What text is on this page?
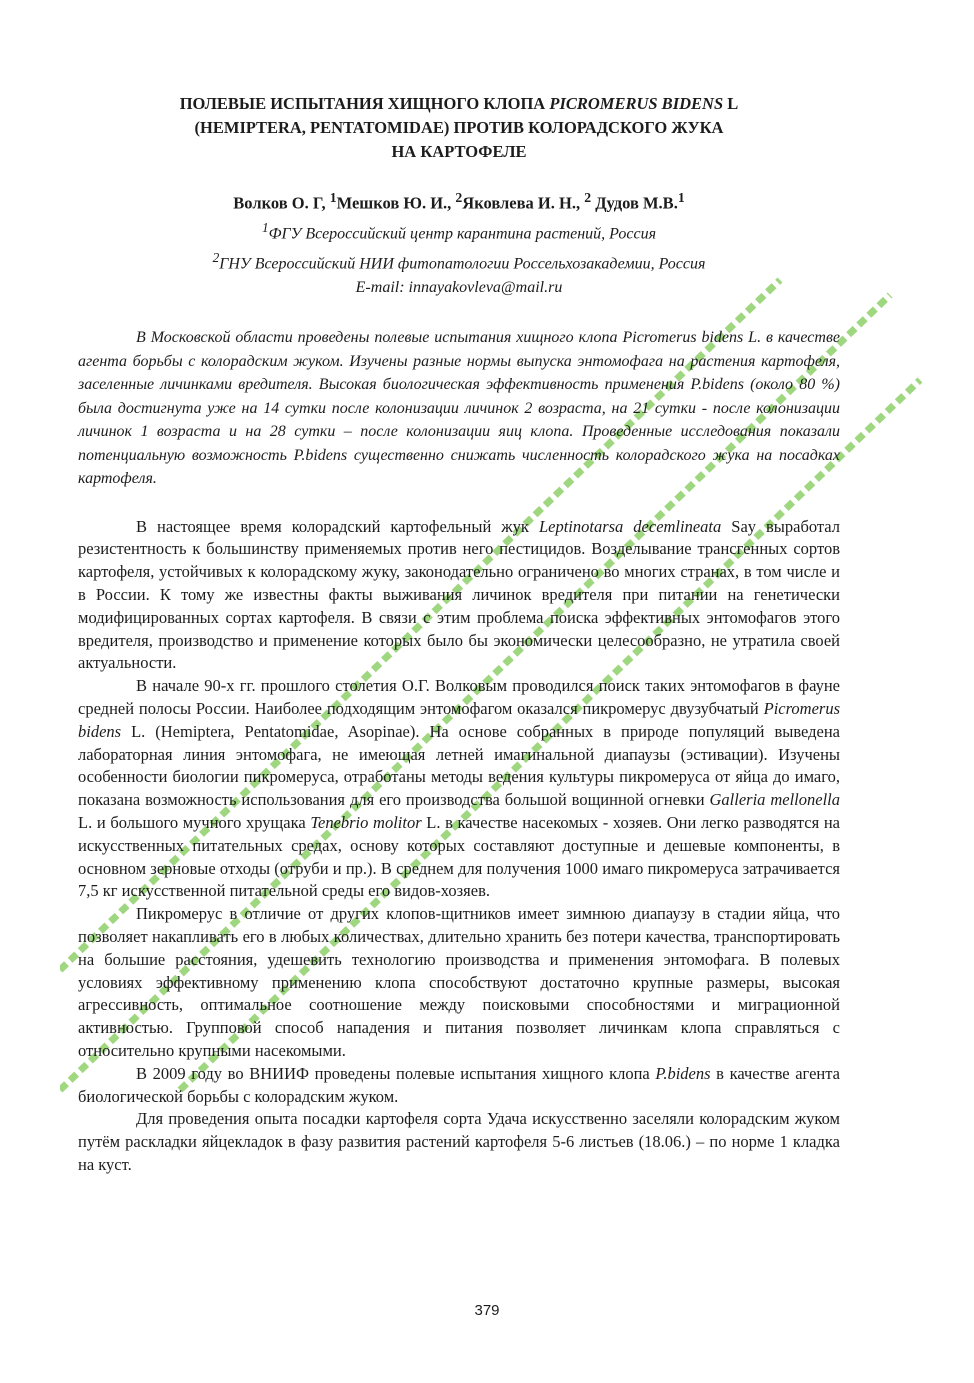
ПОЛЕВЫЕ ИСПЫТАНИЯ ХИЩНОГО КЛОПА PICROMERUS BIDENS L
(HEMIPTERA, PENTATOMIDAE) ПРОТИВ КОЛОРАДСКОГО ЖУКА
НА КАРТОФЕЛЕ
Волков О. Г, $^1$Мешков Ю. И., $^2$Яковлева И. Н., $^2$ Дудов М.В.$^1$
$^1$ФГУ Всероссийский центр карантина растений, Россия
$^2$ГНУ Всероссийский НИИ фитопатологии Россельхозакадемии, Россия
E-mail: innayakovleva@mail.ru
В Московской области проведены полевые испытания хищного клопа Picromerus bidens L. в качестве агента борьбы с колорадским жуком. Изучены разные нормы выпуска энтомофага на растения картофеля, заселенные личинками вредителя. Высокая биологическая эффективность применения P.bidens (около 80 %) была достигнута уже на 14 сутки после колонизации личинок 2 возраста, на 21 сутки - после колонизации личинок 1 возраста и на 28 сутки – после колонизации яиц клопа. Проведенные исследования показали потенциальную возможность P.bidens существенно снижать численность колорадского жука на посадках картофеля.

В настоящее время колорадский картофельный жук Leptinotarsa decemlineata Say выработал резистентность к большинству применяемых против него пестицидов. Возделывание трансгенных сортов картофеля, устойчивых к колорадскому жуку, законодательно ограничено во многих странах, в том числе и в России. К тому же известны факты выживания личинок вредителя при питании на генетически модифицированных сортах картофеля. В связи с этим проблема поиска эффективных энтомофагов этого вредителя, производство и применение которых было бы экономически целесообразно, не утратила своей актуальности.

В начале 90-х гг. прошлого столетия О.Г. Волковым проводился поиск таких энтомофагов в фауне средней полосы России. Наиболее подходящим энтомофагом оказался пикромерус двузубчатый Picromerus bidens L. (Hemiptera, Pentatomidae, Asopinae). На основе собранных в природе популяций выведена лабораторная линия энтомофага, не имеющая летней имагинальной диапаузы (эстивации). Изучены особенности биологии пикромеруса, отработаны методы ведения культуры пикромеруса от яйца до имаго, показана возможность использования для его производства большой вощинной огневки Galleria mellonella L. и большого мучного хрущака Tenebrio molitor L. в качестве насекомых - хозяев. Они легко разводятся на искусственных питательных средах, основу которых составляют доступные и дешевые компоненты, в основном зерновые отходы (отруби и пр.). В среднем для получения 1000 имаго пикромеруса затрачивается 7,5 кг искусственной питательной среды его видов-хозяев.

Пикромерус в отличие от других клопов-щитников имеет зимнюю диапаузу в стадии яйца, что позволяет накапливать его в любых количествах, длительно хранить без потери качества, транспортировать на большие расстояния, удешевить технологию производства и применения энтомофага. В полевых условиях эффективному применению клопа способствуют достаточно крупные размеры, высокая агрессивность, оптимальное соотношение между поисковыми способностями и миграционной активностью. Групповой способ нападения и питания позволяет личинкам клопа справляться с относительно крупными насекомыми.

В 2009 году во ВНИИФ проведены полевые испытания хищного клопа P.bidens в качестве агента биологической борьбы с колорадским жуком.

Для проведения опыта посадки картофеля сорта Удача искусственно заселяли колорадским жуком путём раскладки яйцекладок в фазу развития растений картофеля 5-6 листьев (18.06.) – по норме 1 кладка на куст.

379
